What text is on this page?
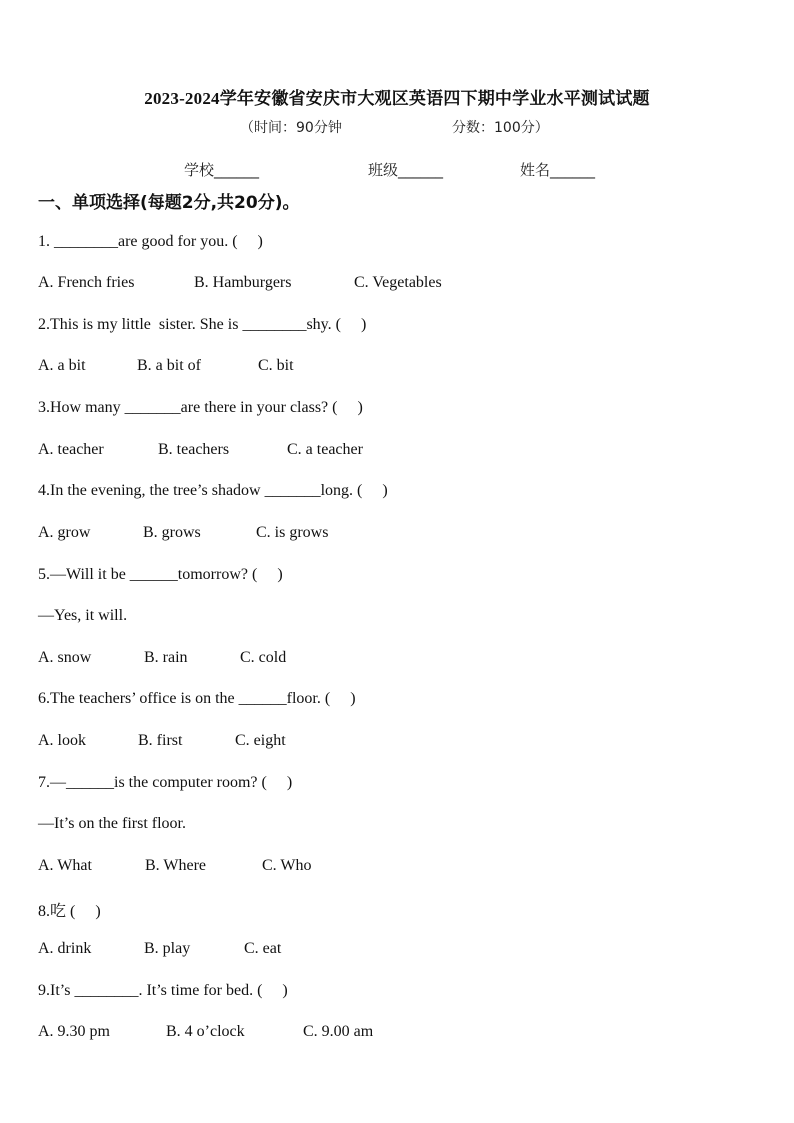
2023-2024学年安徽省安庆市大观区英语四下期中学业水平测试试题
（时间：90分钟	分数：100分）
学校______	班级______	姓名______
一、单项选择(每题2分,共20分)。
1. ________are good for you. (     )
A. French fries	B. Hamburgers	C. Vegetables
2.This is my little  sister. She is ________shy. (     )
A. a bit	B. a bit of	C. bit
3.How many _______are there in your class? (     )
A. teacher	B. teachers	C. a teacher
4.In the evening, the tree’s shadow _______long. (     )
A. grow	B. grows	C. is grows
5.—Will it be ______tomorrow? (     )
—Yes, it will.
A. snow	B. rain	C. cold
6.The teachers’ office is on the ______floor. (     )
A. look	B. first	C. eight
7.—______is the computer room? (     )
—It’s on the first floor.
A. What	B. Where	C. Who
8.吃 (     )
A. drink	B. play	C. eat
9.It’s ________. It’s time for bed. (     )
A. 9.30 pm	B. 4 o’clock	C. 9.00 am
